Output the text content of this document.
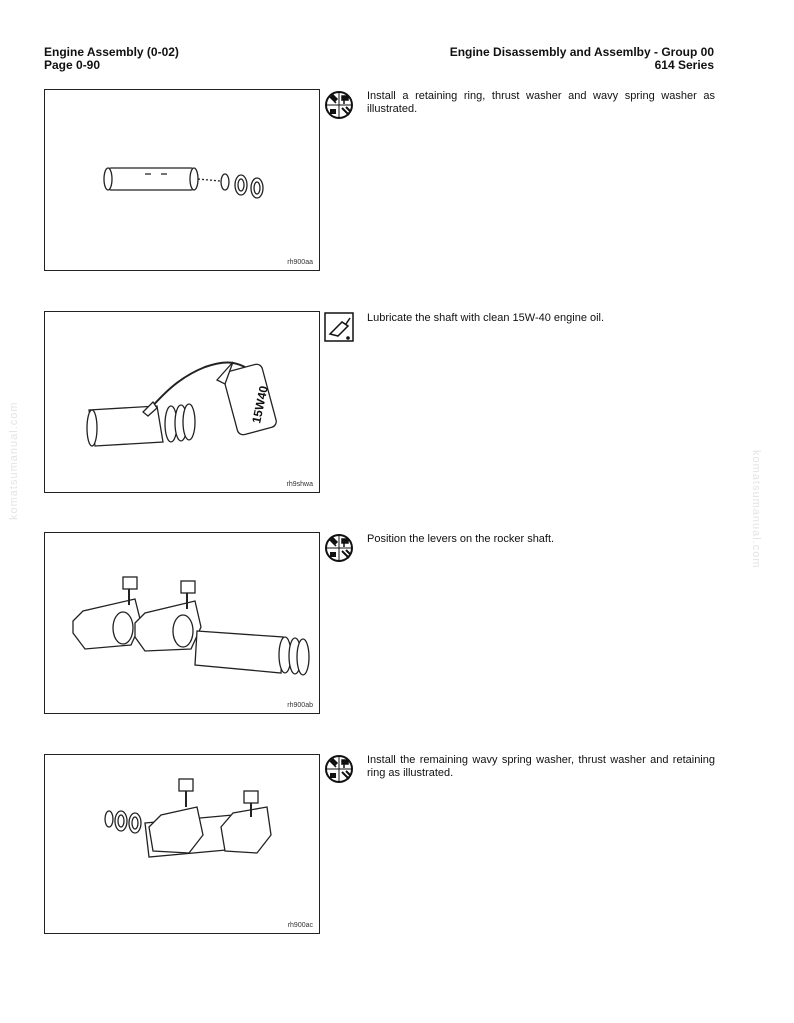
Engine Assembly (0-02)
Page 0-90
Engine Disassembly and Assemlby - Group 00
614 Series
komatsumanual.com	komatsumanual.com
rh900aa
Install a retaining ring, thrust washer and wavy spring washer as illustrated.
15W40
rh9shwa
Lubricate the shaft with clean 15W-40 engine oil.
rh900ab
Position the levers on the rocker shaft.
rh900ac
Install the remaining wavy spring washer, thrust washer and retaining ring as illustrated.
